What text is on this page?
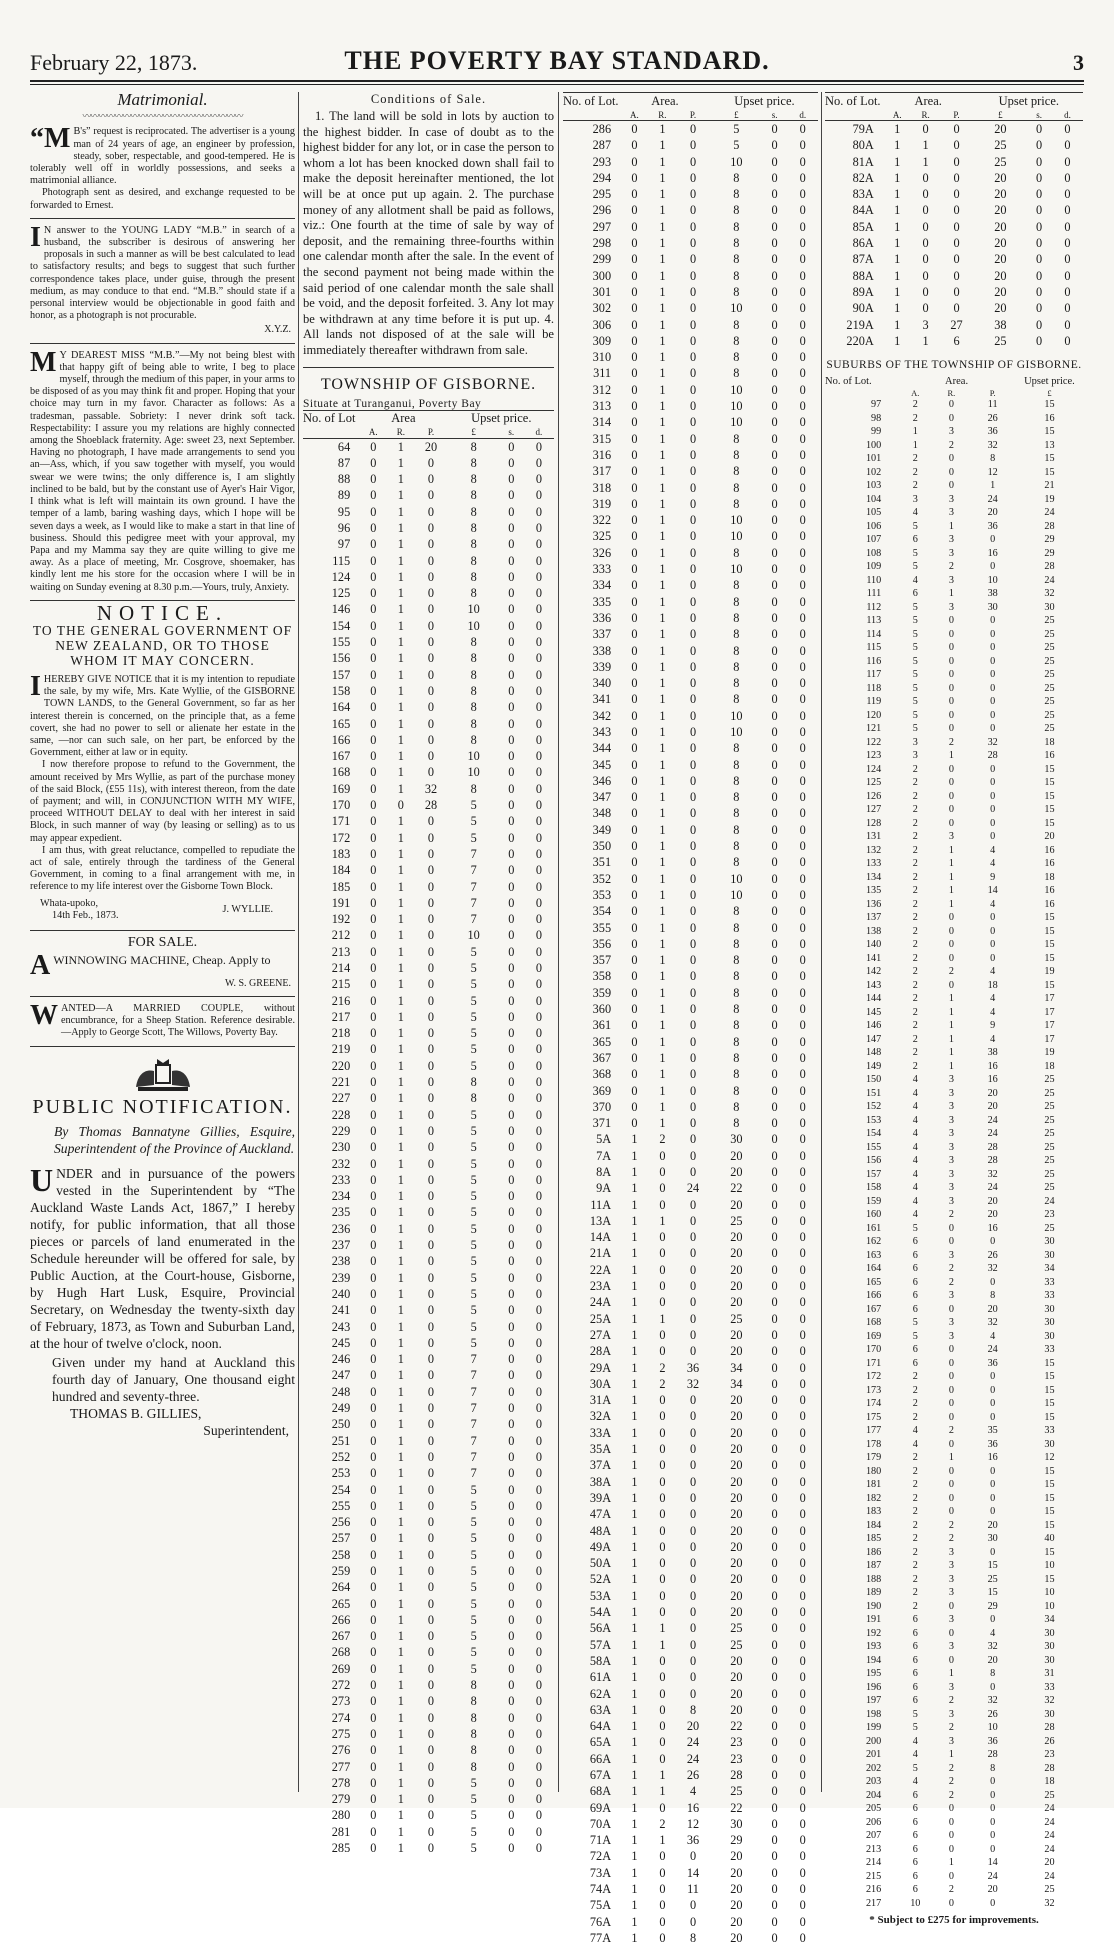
February 22, 1873.	THE POVERTY BAY STANDARD.	3
Matrimonial.
〰〰〰〰〰〰〰〰〰〰〰〰〰〰〰〰〰〰〰〰
“M B's” request is reciprocated. The advertiser is a young man of 24 years of age, an engineer by profession, steady, sober, respectable, and good-tempered. He is tolerably well off in worldly possessions, and seeks a matrimonial alliance.

Photograph sent as desired, and exchange requested to be forwarded to Ernest.

I N answer to the YOUNG LADY “M.B.” in search of a husband, the subscriber is desirous of answering her proposals in such a manner as will be best calculated to lead to satisfactory results; and begs to suggest that such further correspondence takes place, under guise, through the present medium, as may conduce to that end. “M.B.” should state if a personal interview would be objectionable in good faith and honor, as a photograph is not procurable.

X.Y.Z.
M Y DEAREST MISS “M.B.”—My not being blest with that happy gift of being able to write, I beg to place myself, through the medium of this paper, in your arms to be disposed of as you may think fit and proper. Hoping that your choice may turn in my favor. Character as follows: As a tradesman, passable. Sobriety: I never drink soft tack. Respectability: I assure you my relations are highly connected among the Shoeblack fraternity. Age: sweet 23, next September. Having no photograph, I have made arrangements to send you an—Ass, which, if you saw together with myself, you would swear we were twins; the only difference is, I am slightly inclined to be bald, but by the constant use of Ayer's Hair Vigor, I think what is left will maintain its own ground. I have the temper of a lamb, baring washing days, which I hope will be seven days a week, as I would like to make a start in that line of business. Should this pedigree meet with your approval, my Papa and my Mamma say they are quite willing to give me away. As a place of meeting, Mr. Cosgrove, shoemaker, has kindly lent me his store for the occasion where I will be in waiting on Sunday evening at 8.30 p.m.—Yours, truly, Anxiety.

NOTICE.
TO THE GENERAL GOVERNMENT OF NEW ZEALAND, OR TO THOSE WHOM IT MAY CONCERN.
I HEREBY GIVE NOTICE that it is my intention to repudiate the sale, by my wife, Mrs. Kate Wyllie, of the GISBORNE TOWN LANDS, to the General Government, so far as her interest therein is concerned, on the principle that, as a feme covert, she had no power to sell or alienate her estate in the same, —nor can such sale, on her part, be enforced by the Government, either at law or in equity.

I now therefore propose to refund to the Government, the amount received by Mrs Wyllie, as part of the purchase money of the said Block, (£55 11s), with interest thereon, from the date of payment; and will, in CONJUNCTION WITH MY WIFE, proceed WITHOUT DELAY to deal with her interest in said Block, in such manner of way (by leasing or selling) as to us may appear expedient.

I am thus, with great reluctance, compelled to repudiate the act of sale, entirely through the tardiness of the General Government, in coming to a final arrangement with me, in reference to my life interest over the Gisborne Town Block.

Whata-upoko,
14th Feb., 1873.
J. WYLLIE.
FOR SALE.
A WINNOWING MACHINE, Cheap. Apply to

W. S. GREENE.
W ANTED—A MARRIED COUPLE, without encumbrance, for a Sheep Station. Reference desirable.—Apply to George Scott, The Willows, Poverty Bay.

PUBLIC NOTIFICATION.

By Thomas Bannatyne Gillies, Esquire, Superintendent of the Province of Auckland.

U NDER and in pursuance of the powers vested in the Superintendent by “The Auckland Waste Lands Act, 1867,” I hereby notify, for public information, that all those pieces or parcels of land enumerated in the Schedule hereunder will be offered for sale, by Public Auction, at the Court-house, Gisborne, by Hugh Hart Lusk, Esquire, Provincial Secretary, on Wednesday the twenty-sixth day of February, 1873, as Town and Suburban Land, at the hour of twelve o'clock, noon.

Given under my hand at Auckland this fourth day of January, One thousand eight hundred and seventy-three.

THOMAS B. GILLIES,

Superintendent,

Conditions of Sale.

1. The land will be sold in lots by auction to the highest bidder. In case of doubt as to the highest bidder for any lot, or in case the person to whom a lot has been knocked down shall fail to make the deposit hereinafter mentioned, the lot will be at once put up again. 2. The purchase money of any allotment shall be paid as follows, viz.: One fourth at the time of sale by way of deposit, and the remaining three-fourths within one calendar month after the sale. In the event of the second payment not being made within the said period of one calendar month the sale shall be void, and the deposit forfeited. 3. Any lot may be withdrawn at any time before it is put up. 4. All lands not disposed of at the sale will be immediately thereafter withdrawn from sale.

TOWNSHIP OF GISBORNE.
Situate at Turanganui, Poverty Bay
No. of Lot	Area			Upset price.		
	A.	R.	P.	£	s.	d.
64	0	1	20	8	0	0
87	0	1	0	8	0	0
88	0	1	0	8	0	0
89	0	1	0	8	0	0
95	0	1	0	8	0	0
96	0	1	0	8	0	0
97	0	1	0	8	0	0
115	0	1	0	8	0	0
124	0	1	0	8	0	0
125	0	1	0	8	0	0
146	0	1	0	10	0	0
154	0	1	0	10	0	0
155	0	1	0	8	0	0
156	0	1	0	8	0	0
157	0	1	0	8	0	0
158	0	1	0	8	0	0
164	0	1	0	8	0	0
165	0	1	0	8	0	0
166	0	1	0	8	0	0
167	0	1	0	10	0	0
168	0	1	0	10	0	0
169	0	1	32	8	0	0
170	0	0	28	5	0	0
171	0	1	0	5	0	0
172	0	1	0	5	0	0
183	0	1	0	7	0	0
184	0	1	0	7	0	0
185	0	1	0	7	0	0
191	0	1	0	7	0	0
192	0	1	0	7	0	0
212	0	1	0	10	0	0
213	0	1	0	5	0	0
214	0	1	0	5	0	0
215	0	1	0	5	0	0
216	0	1	0	5	0	0
217	0	1	0	5	0	0
218	0	1	0	5	0	0
219	0	1	0	5	0	0
220	0	1	0	5	0	0
221	0	1	0	8	0	0
227	0	1	0	8	0	0
228	0	1	0	5	0	0
229	0	1	0	5	0	0
230	0	1	0	5	0	0
232	0	1	0	5	0	0
233	0	1	0	5	0	0
234	0	1	0	5	0	0
235	0	1	0	5	0	0
236	0	1	0	5	0	0
237	0	1	0	5	0	0
238	0	1	0	5	0	0
239	0	1	0	5	0	0
240	0	1	0	5	0	0
241	0	1	0	5	0	0
243	0	1	0	5	0	0
245	0	1	0	5	0	0
246	0	1	0	7	0	0
247	0	1	0	7	0	0
248	0	1	0	7	0	0
249	0	1	0	7	0	0
250	0	1	0	7	0	0
251	0	1	0	7	0	0
252	0	1	0	7	0	0
253	0	1	0	7	0	0
254	0	1	0	5	0	0
255	0	1	0	5	0	0
256	0	1	0	5	0	0
257	0	1	0	5	0	0
258	0	1	0	5	0	0
259	0	1	0	5	0	0
264	0	1	0	5	0	0
265	0	1	0	5	0	0
266	0	1	0	5	0	0
267	0	1	0	5	0	0
268	0	1	0	5	0	0
269	0	1	0	5	0	0
272	0	1	0	8	0	0
273	0	1	0	8	0	0
274	0	1	0	8	0	0
275	0	1	0	8	0	0
276	0	1	0	8	0	0
277	0	1	0	8	0	0
278	0	1	0	5	0	0
279	0	1	0	5	0	0
280	0	1	0	5	0	0
281	0	1	0	5	0	0
285	0	1	0	5	0	0
No. of Lot.	Area.			Upset price.		
	A.	R.	P.	£	s.	d.
286	0	1	0	5	0	0
287	0	1	0	5	0	0
293	0	1	0	10	0	0
294	0	1	0	8	0	0
295	0	1	0	8	0	0
296	0	1	0	8	0	0
297	0	1	0	8	0	0
298	0	1	0	8	0	0
299	0	1	0	8	0	0
300	0	1	0	8	0	0
301	0	1	0	8	0	0
302	0	1	0	10	0	0
306	0	1	0	8	0	0
309	0	1	0	8	0	0
310	0	1	0	8	0	0
311	0	1	0	8	0	0
312	0	1	0	10	0	0
313	0	1	0	10	0	0
314	0	1	0	10	0	0
315	0	1	0	8	0	0
316	0	1	0	8	0	0
317	0	1	0	8	0	0
318	0	1	0	8	0	0
319	0	1	0	8	0	0
322	0	1	0	10	0	0
325	0	1	0	10	0	0
326	0	1	0	8	0	0
333	0	1	0	10	0	0
334	0	1	0	8	0	0
335	0	1	0	8	0	0
336	0	1	0	8	0	0
337	0	1	0	8	0	0
338	0	1	0	8	0	0
339	0	1	0	8	0	0
340	0	1	0	8	0	0
341	0	1	0	8	0	0
342	0	1	0	10	0	0
343	0	1	0	10	0	0
344	0	1	0	8	0	0
345	0	1	0	8	0	0
346	0	1	0	8	0	0
347	0	1	0	8	0	0
348	0	1	0	8	0	0
349	0	1	0	8	0	0
350	0	1	0	8	0	0
351	0	1	0	8	0	0
352	0	1	0	10	0	0
353	0	1	0	10	0	0
354	0	1	0	8	0	0
355	0	1	0	8	0	0
356	0	1	0	8	0	0
357	0	1	0	8	0	0
358	0	1	0	8	0	0
359	0	1	0	8	0	0
360	0	1	0	8	0	0
361	0	1	0	8	0	0
365	0	1	0	8	0	0
367	0	1	0	8	0	0
368	0	1	0	8	0	0
369	0	1	0	8	0	0
370	0	1	0	8	0	0
371	0	1	0	8	0	0
5A	1	2	0	30	0	0
7A	1	0	0	20	0	0
8A	1	0	0	20	0	0
9A	1	0	24	22	0	0
11A	1	0	0	20	0	0
13A	1	1	0	25	0	0
14A	1	0	0	20	0	0
21A	1	0	0	20	0	0
22A	1	0	0	20	0	0
23A	1	0	0	20	0	0
24A	1	0	0	20	0	0
25A	1	1	0	25	0	0
27A	1	0	0	20	0	0
28A	1	0	0	20	0	0
29A	1	2	36	34	0	0
30A	1	2	32	34	0	0
31A	1	0	0	20	0	0
32A	1	0	0	20	0	0
33A	1	0	0	20	0	0
35A	1	0	0	20	0	0
37A	1	0	0	20	0	0
38A	1	0	0	20	0	0
39A	1	0	0	20	0	0
47A	1	0	0	20	0	0
48A	1	0	0	20	0	0
49A	1	0	0	20	0	0
50A	1	0	0	20	0	0
52A	1	0	0	20	0	0
53A	1	0	0	20	0	0
54A	1	0	0	20	0	0
56A	1	1	0	25	0	0
57A	1	1	0	25	0	0
58A	1	0	0	20	0	0
61A	1	0	0	20	0	0
62A	1	0	0	20	0	0
63A	1	0	8	20	0	0
64A	1	0	20	22	0	0
65A	1	0	24	23	0	0
66A	1	0	24	23	0	0
67A	1	1	26	28	0	0
68A	1	1	4	25	0	0
69A	1	0	16	22	0	0
70A	1	2	12	30	0	0
71A	1	1	36	29	0	0
72A	1	0	0	20	0	0
73A	1	0	14	20	0	0
74A	1	0	11	20	0	0
75A	1	0	0	20	0	0
76A	1	0	0	20	0	0
77A	1	0	8	20	0	0
No. of Lot.	Area.			Upset price.		
	A.	R.	P.	£	s.	d.
79A	1	0	0	20	0	0
80A	1	1	0	25	0	0
81A	1	1	0	25	0	0
82A	1	0	0	20	0	0
83A	1	0	0	20	0	0
84A	1	0	0	20	0	0
85A	1	0	0	20	0	0
86A	1	0	0	20	0	0
87A	1	0	0	20	0	0
88A	1	0	0	20	0	0
89A	1	0	0	20	0	0
90A	1	0	0	20	0	0
219A	1	3	27	38	0	0
220A	1	1	6	25	0	0
SUBURBS OF THE TOWNSHIP OF GISBORNE.
No. of Lot.	Area.			Upset price.
	A.	R.	P.	£
97	2	0	11	15
98	2	0	26	16
99	1	3	36	15
100	1	2	32	13
101	2	0	8	15
102	2	0	12	15
103	2	0	1	21
104	3	3	24	19
105	4	3	20	24
106	5	1	36	28
107	6	3	0	29
108	5	3	16	29
109	5	2	0	28
110	4	3	10	24
111	6	1	38	32
112	5	3	30	30
113	5	0	0	25
114	5	0	0	25
115	5	0	0	25
116	5	0	0	25
117	5	0	0	25
118	5	0	0	25
119	5	0	0	25
120	5	0	0	25
121	5	0	0	25
122	3	2	32	18
123	3	1	28	16
124	2	0	0	15
125	2	0	0	15
126	2	0	0	15
127	2	0	0	15
128	2	0	0	15
131	2	3	0	20
132	2	1	4	16
133	2	1	4	16
134	2	1	9	18
135	2	1	14	16
136	2	1	4	16
137	2	0	0	15
138	2	0	0	15
140	2	0	0	15
141	2	0	0	15
142	2	2	4	19
143	2	0	18	15
144	2	1	4	17
145	2	1	4	17
146	2	1	9	17
147	2	1	4	17
148	2	1	38	19
149	2	1	16	18
150	4	3	16	25
151	4	3	20	25
152	4	3	20	25
153	4	3	24	25
154	4	3	24	25
155	4	3	28	25
156	4	3	28	25
157	4	3	32	25
158	4	3	24	25
159	4	3	20	24
160	4	2	20	23
161	5	0	16	25
162	6	0	0	30
163	6	3	26	30
164	6	2	32	34
165	6	2	0	33
166	6	3	8	33
167	6	0	20	30
168	5	3	32	30
169	5	3	4	30
170	6	0	24	33
171	6	0	36	15
172	2	0	0	15
173	2	0	0	15
174	2	0	0	15
175	2	0	0	15
177	4	2	35	33
178	4	0	36	30
179	2	1	16	12
180	2	0	0	15
181	2	0	0	15
182	2	0	0	15
183	2	0	0	15
184	2	2	20	15
185	2	2	30	40
186	2	3	0	15
187	2	3	15	10
188	2	3	25	15
189	2	3	15	10
190	2	0	29	10
191	6	3	0	34
192	6	0	4	30
193	6	3	32	30
194	6	0	20	30
195	6	1	8	31
196	6	3	0	33
197	6	2	32	32
198	5	3	26	30
199	5	2	10	28
200	4	3	36	26
201	4	1	28	23
202	5	2	8	28
203	4	2	0	18
204	6	2	0	25
205	6	0	0	24
206	6	0	0	24
207	6	0	0	24
213	6	0	0	24
214	6	1	14	20
215	6	0	24	24
216	6	2	20	25
217	10	0	0	32
* Subject to £275 for improvements.
